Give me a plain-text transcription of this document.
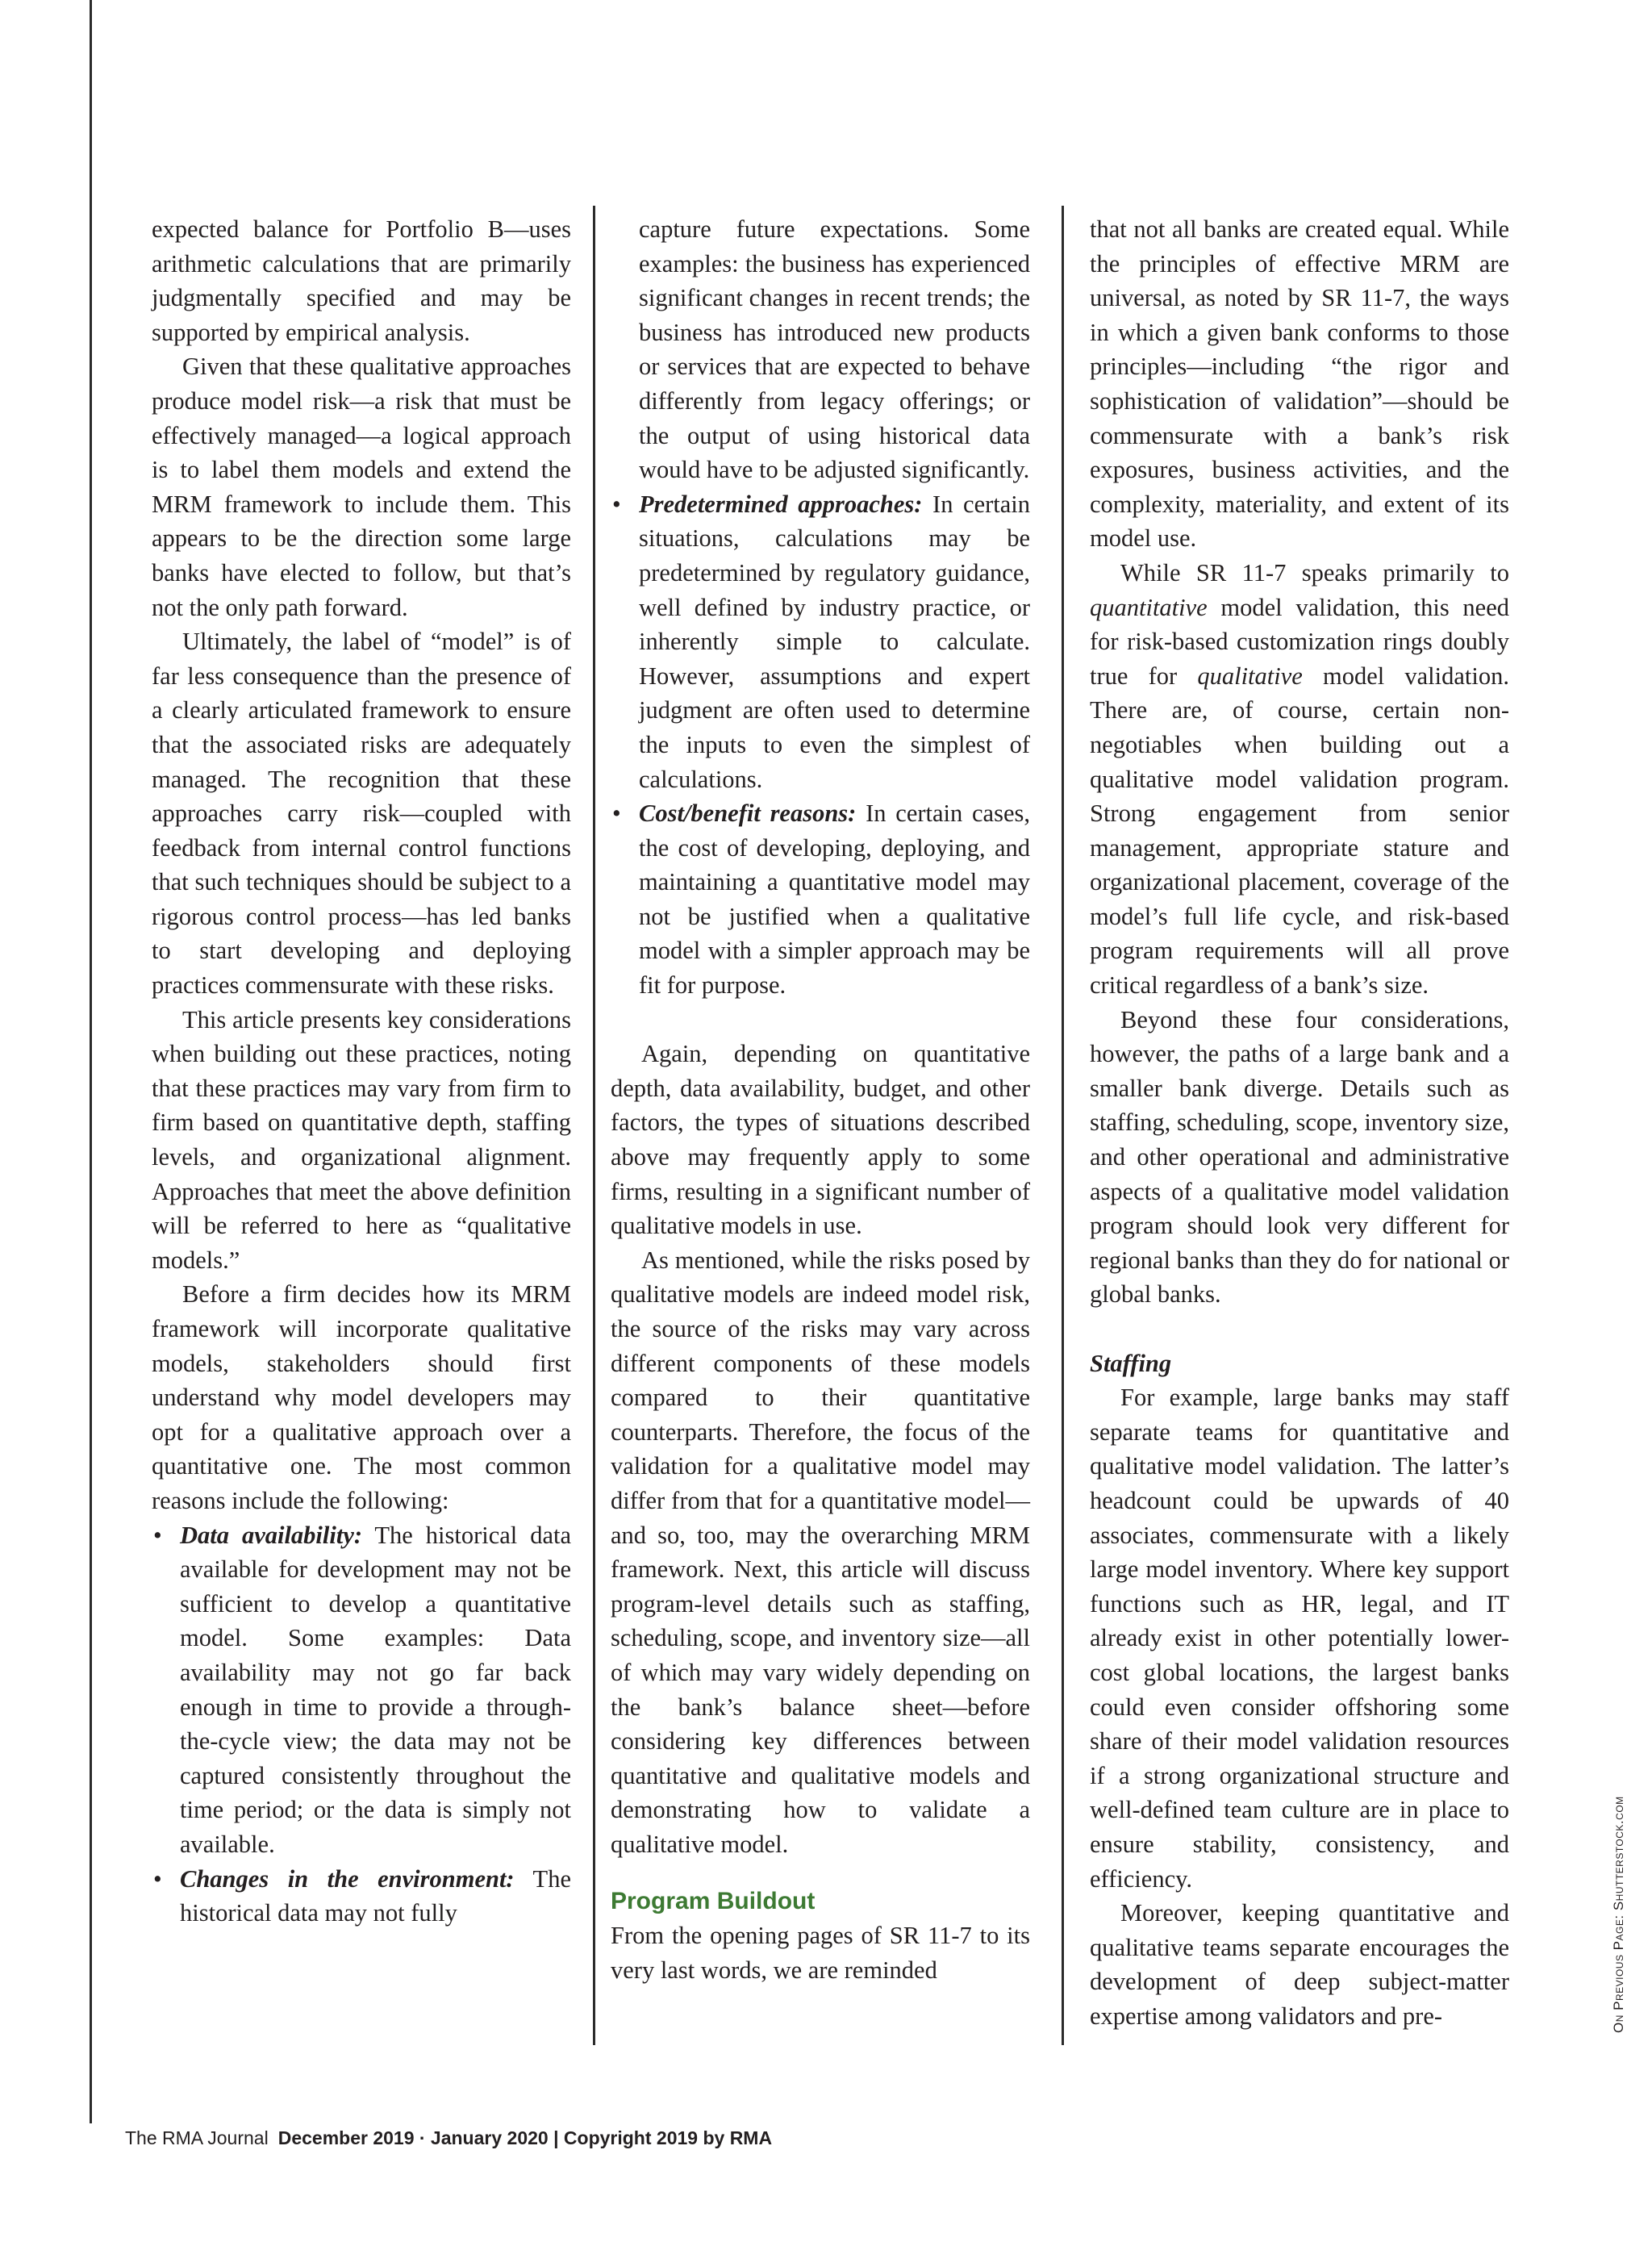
expected balance for Portfolio B—uses arithmetic calculations that are primarily judgmentally specified and may be supported by empirical analysis.

Given that these qualitative approaches produce model risk—a risk that must be effectively managed—a logical approach is to label them models and extend the MRM framework to include them. This appears to be the direction some large banks have elected to follow, but that’s not the only path forward.

Ultimately, the label of “model” is of far less consequence than the presence of a clearly articulated framework to ensure that the associated risks are adequately managed. The recognition that these approaches carry risk—coupled with feedback from internal control functions that such techniques should be subject to a rigorous control process—has led banks to start developing and deploying practices commensurate with these risks.

This article presents key considerations when building out these practices, noting that these practices may vary from firm to firm based on quantitative depth, staffing levels, and organizational alignment. Approaches that meet the above definition will be referred to here as “qualitative models.”

Before a firm decides how its MRM framework will incorporate qualitative models, stakeholders should first understand why model developers may opt for a qualitative approach over a quantitative one. The most common reasons include the following:

• Data availability: The historical data available for development may not be sufficient to develop a quantitative model. Some examples: Data availability may not go far back enough in time to provide a through-the-cycle view; the data may not be captured consistently throughout the time period; or the data is simply not available.
• Changes in the environment: The historical data may not fully

capture future expectations. Some examples: the business has experienced significant changes in recent trends; the business has introduced new products or services that are expected to behave differently from legacy offerings; or the output of using historical data would have to be adjusted significantly.

• Predetermined approaches: In certain situations, calculations may be predetermined by regulatory guidance, well defined by industry practice, or inherently simple to calculate. However, assumptions and expert judgment are often used to determine the inputs to even the simplest of calculations.
• Cost/benefit reasons: In certain cases, the cost of developing, deploying, and maintaining a quantitative model may not be justified when a qualitative model with a simpler approach may be fit for purpose.

Again, depending on quantitative depth, data availability, budget, and other factors, the types of situations described above may frequently apply to some firms, resulting in a significant number of qualitative models in use.

As mentioned, while the risks posed by qualitative models are indeed model risk, the source of the risks may vary across different components of these models compared to their quantitative counterparts. Therefore, the focus of the validation for a qualitative model may differ from that for a quantitative model—and so, too, may the overarching MRM framework. Next, this article will discuss program-level details such as staffing, scheduling, scope, and inventory size—all of which may vary widely depending on the bank’s balance sheet—before considering key differences between quantitative and qualitative models and demonstrating how to validate a qualitative model.

Program Buildout

From the opening pages of SR 11-7 to its very last words, we are reminded

that not all banks are created equal. While the principles of effective MRM are universal, as noted by SR 11-7, the ways in which a given bank conforms to those principles—including “the rigor and sophistication of validation”—should be commensurate with a bank’s risk exposures, business activities, and the complexity, materiality, and extent of its model use.

While SR 11-7 speaks primarily to quantitative model validation, this need for risk-based customization rings doubly true for qualitative model validation. There are, of course, certain non-negotiables when building out a qualitative model validation program. Strong engagement from senior management, appropriate stature and organizational placement, coverage of the model’s full life cycle, and risk-based program requirements will all prove critical regardless of a bank’s size.

Beyond these four considerations, however, the paths of a large bank and a smaller bank diverge. Details such as staffing, scheduling, scope, inventory size, and other operational and administrative aspects of a qualitative model validation program should look very different for regional banks than they do for national or global banks.

Staffing

For example, large banks may staff separate teams for quantitative and qualitative model validation. The latter’s headcount could be upwards of 40 associates, commensurate with a likely large model inventory. Where key support functions such as HR, legal, and IT already exist in other potentially lower-cost global locations, the largest banks could even consider offshoring some share of their model validation resources if a strong organizational structure and well-defined team culture are in place to ensure stability, consistency, and efficiency.

Moreover, keeping quantitative and qualitative teams separate encourages the development of deep subject-matter expertise among validators and pre-

The RMA Journal December 2019 · January 2020 | Copyright 2019 by RMA
On Previous Page: Shutterstock.com
